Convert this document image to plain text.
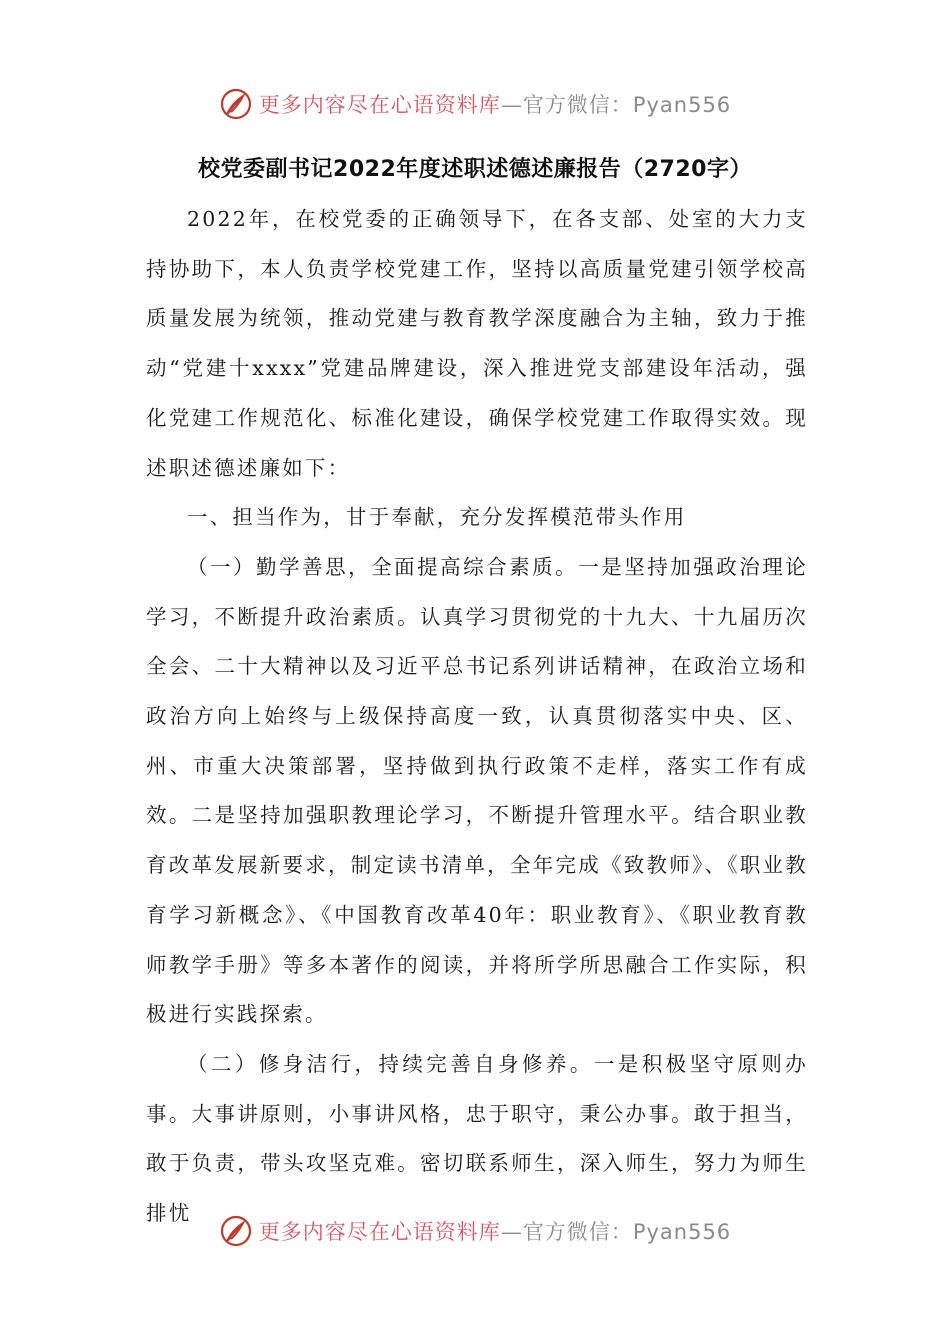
更多内容尽在心语资料库—官方微信：Pyan556
校党委副书记2022年度述职述德述廉报告（2720字）

2022年，在校党委的正确领导下，在各支部、处室的大力支持协助下，本人负责学校党建工作，坚持以高质量党建引领学校高质量发展为统领，推动党建与教育教学深度融合为主轴，致力于推动“党建十xxxx”党建品牌建设，深入推进党支部建设年活动，强化党建工作规范化、标准化建设，确保学校党建工作取得实效。现述职述德述廉如下：

一、担当作为，甘于奉献，充分发挥模范带头作用

（一）勤学善思，全面提高综合素质。一是坚持加强政治理论学习，不断提升政治素质。认真学习贯彻党的十九大、十九届历次全会、二十大精神以及习近平总书记系列讲话精神，在政治立场和政治方向上始终与上级保持高度一致，认真贯彻落实中央、区、州、市重大决策部署，坚持做到执行政策不走样，落实工作有成效。二是坚持加强职教理论学习，不断提升管理水平。结合职业教育改革发展新要求，制定读书清单，全年完成《致教师》、《职业教育学习新概念》、《中国教育改革40年：职业教育》、《职业教育教师教学手册》等多本著作的阅读，并将所学所思融合工作实际，积极进行实践探索。

（二）修身洁行，持续完善自身修养。一是积极坚守原则办事。大事讲原则，小事讲风格，忠于职守，秉公办事。敢于担当，敢于负责，带头攻坚克难。密切联系师生，深入师生，努力为师生排忧

更多内容尽在心语资料库—官方微信：Pyan556
